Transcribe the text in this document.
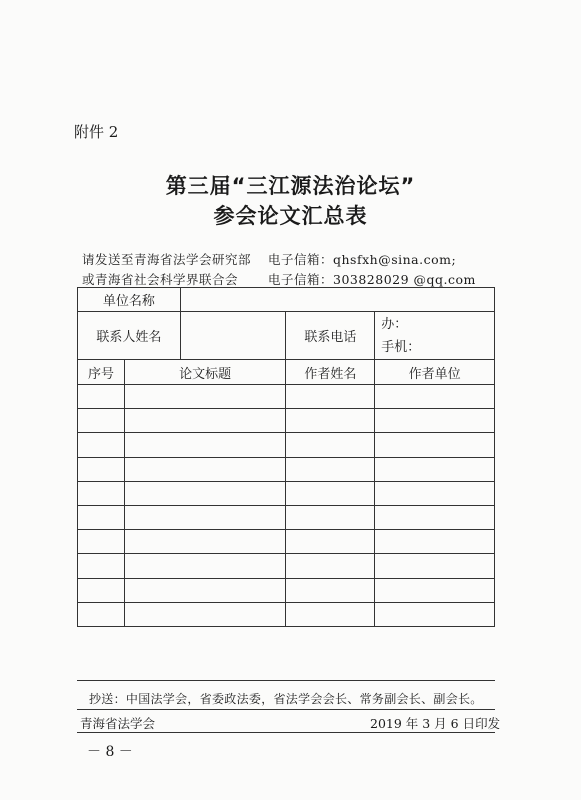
附件 2
第三届“三江源法治论坛”
参会论文汇总表
请发送至青海省法学会研究部 电子信箱：qhsfxh@sina.com;
或青海省社会科学界联合会 电子信箱：303828029 @qq.com
单位名称				
联系人姓名			联系电话	办：
手机：

序号	论文标题		作者姓名	作者单位

抄送：中国法学会，省委政法委，省法学会会长、常务副会长、副会长。
青海省法学会	2019 年 3 月 6 日印发
－ 8 －
